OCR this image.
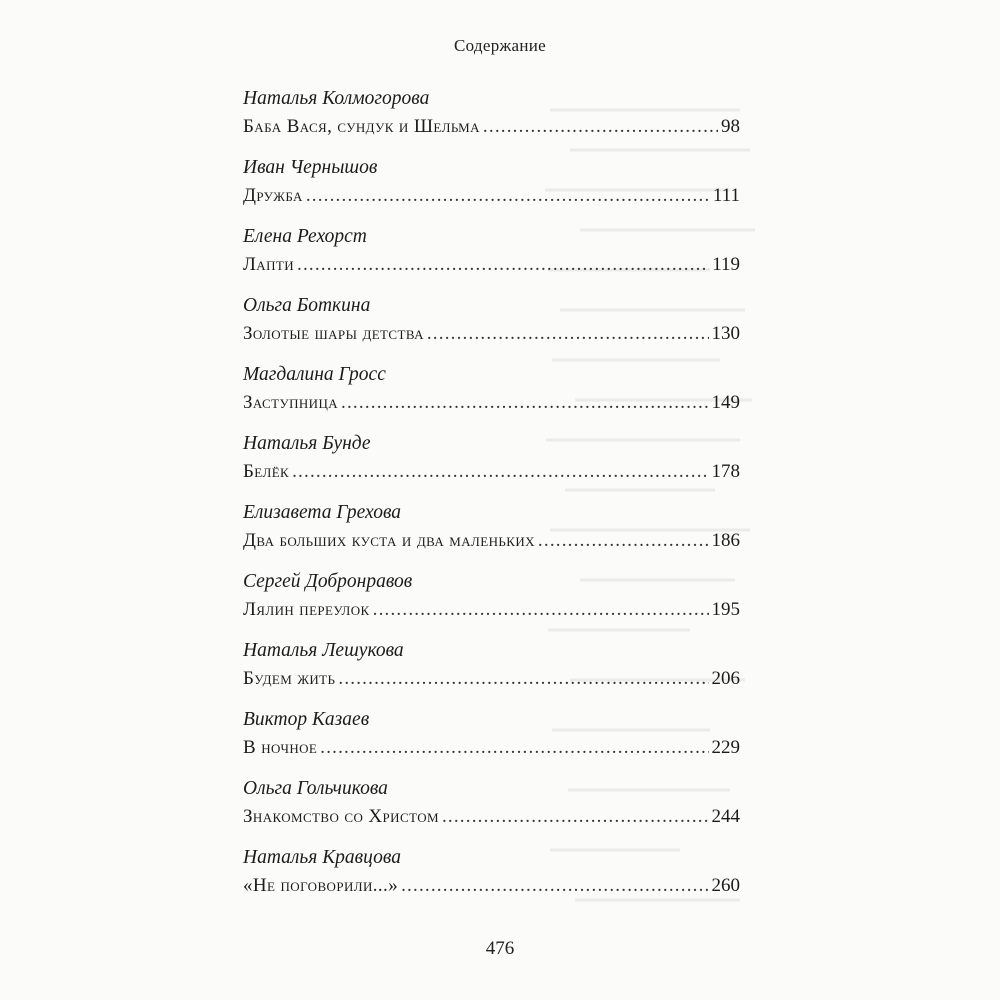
Содержание
Наталья Колмогорова
Баба Вася, сундук и Шельма .....	98
Иван Чернышов
Дружба .....	111
Елена Рехорст
Лапти .....	119
Ольга Боткина
Золотые шары детства .....	130
Магдалина Гросс
Заступница .....	149
Наталья Бунде
Белёк .....	178
Елизавета Грехова
Два больших куста и два маленьких .....	186
Сергей Добронравов
Лялин переулок .....	195
Наталья Лешукова
Будем жить .....	206
Виктор Казаев
В ночное .....	229
Ольга Гольчикова
Знакомство со Христом .....	244
Наталья Кравцова
«Не поговорили...» .....	260
476
